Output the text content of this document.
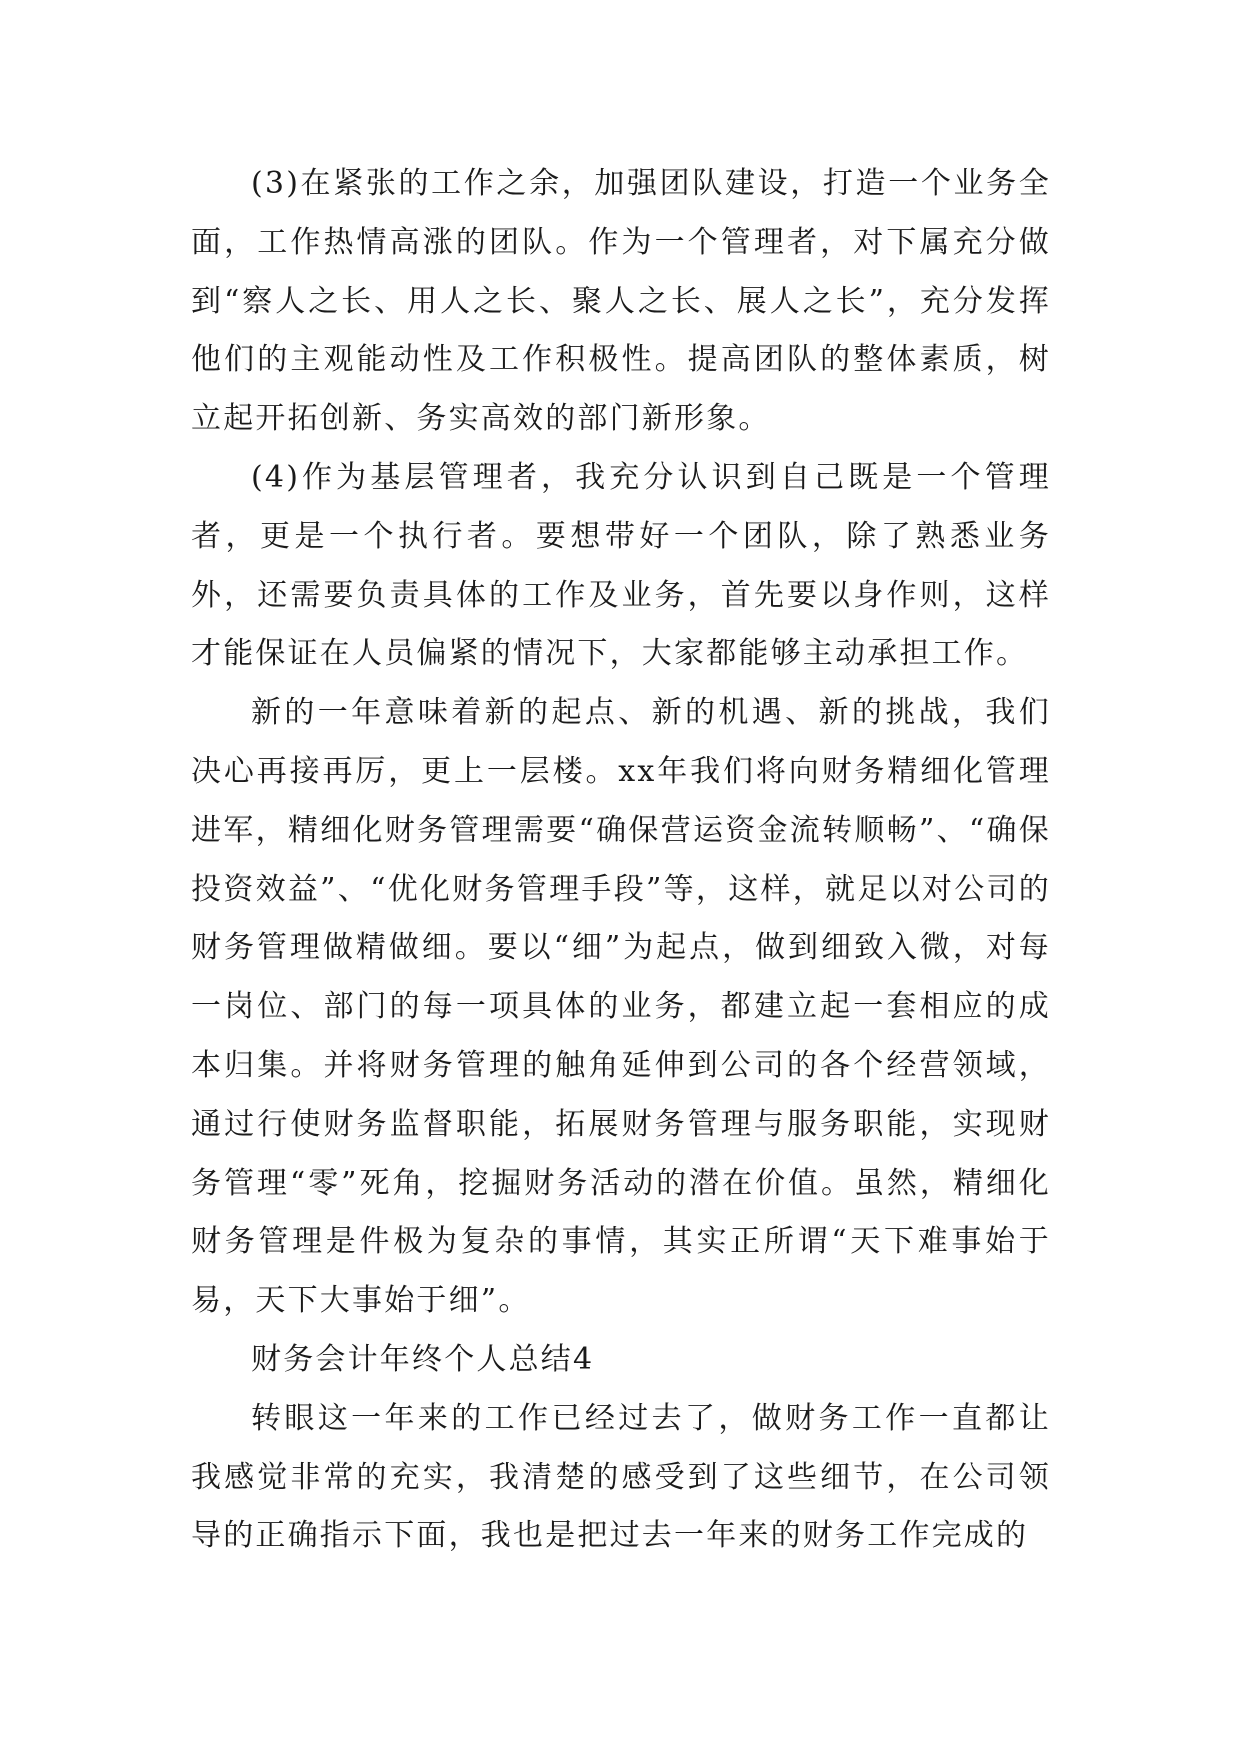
(3)在紧张的工作之余，加强团队建设，打造一个业务全面，工作热情高涨的团队。作为一个管理者，对下属充分做到“察人之长、用人之长、聚人之长、展人之长”，充分发挥他们的主观能动性及工作积极性。提高团队的整体素质，树立起开拓创新、务实高效的部门新形象。

(4)作为基层管理者，我充分认识到自己既是一个管理者，更是一个执行者。要想带好一个团队，除了熟悉业务外，还需要负责具体的工作及业务，首先要以身作则，这样才能保证在人员偏紧的情况下，大家都能够主动承担工作。

新的一年意味着新的起点、新的机遇、新的挑战，我们决心再接再厉，更上一层楼。xx年我们将向财务精细化管理进军，精细化财务管理需要“确保营运资金流转顺畅”、“确保投资效益”、“优化财务管理手段”等，这样，就足以对公司的财务管理做精做细。要以“细”为起点，做到细致入微，对每一岗位、部门的每一项具体的业务，都建立起一套相应的成本归集。并将财务管理的触角延伸到公司的各个经营领域，通过行使财务监督职能，拓展财务管理与服务职能，实现财务管理“零”死角，挖掘财务活动的潜在价值。虽然，精细化财务管理是件极为复杂的事情，其实正所谓“天下难事始于易，天下大事始于细”。

财务会计年终个人总结4

转眼这一年来的工作已经过去了，做财务工作一直都让我感觉非常的充实，我清楚的感受到了这些细节，在公司领导的正确指示下面，我也是把过去一年来的财务工作完成的
